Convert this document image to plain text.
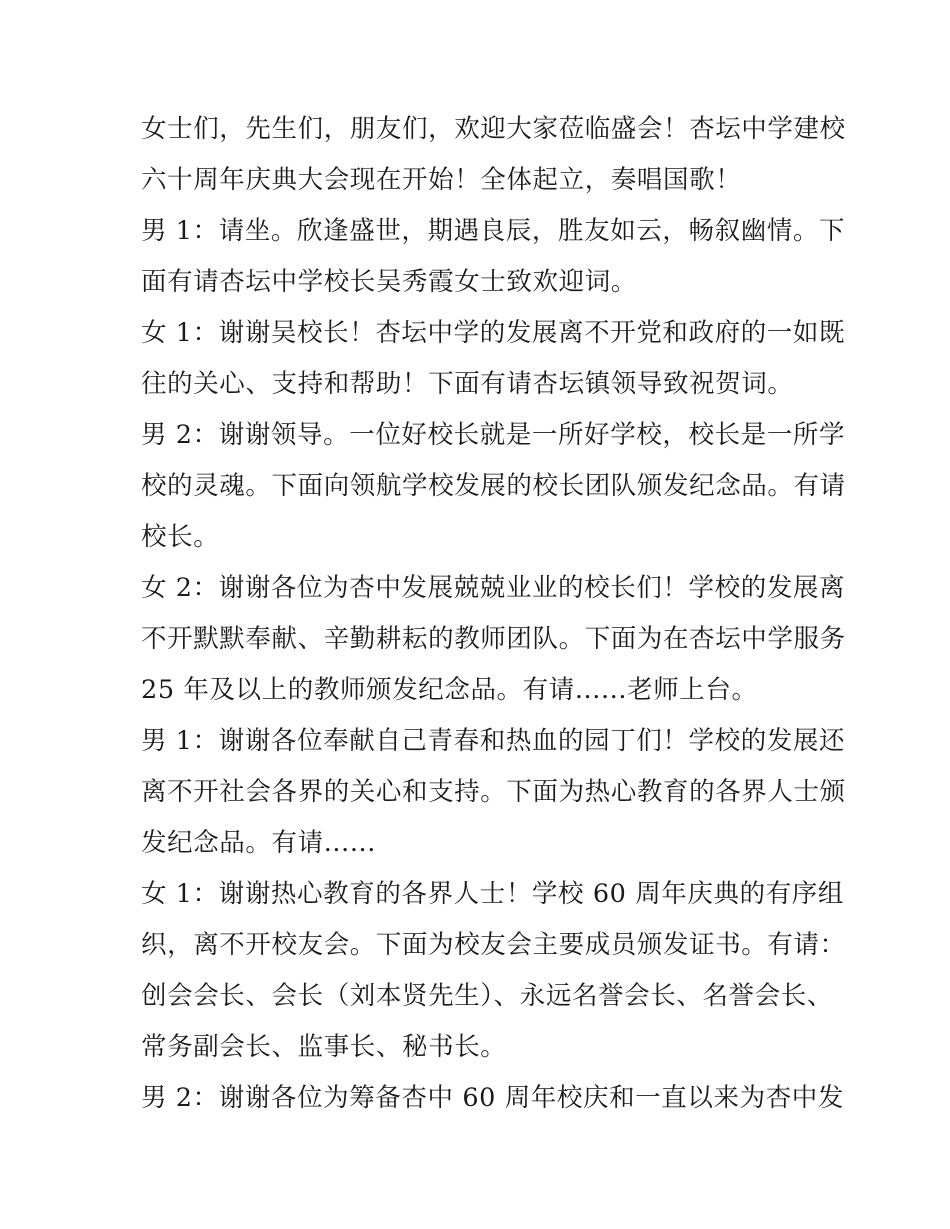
女士们，先生们，朋友们，欢迎大家莅临盛会！杏坛中学建校
六十周年庆典大会现在开始！全体起立，奏唱国歌！
男 1：请坐。欣逢盛世，期遇良辰，胜友如云，畅叙幽情。下
面有请杏坛中学校长吴秀霞女士致欢迎词。
女 1：谢谢吴校长！杏坛中学的发展离不开党和政府的一如既
往的关心、支持和帮助！下面有请杏坛镇领导致祝贺词。
男 2：谢谢领导。一位好校长就是一所好学校，校长是一所学
校的灵魂。下面向领航学校发展的校长团队颁发纪念品。有请
校长。
女 2：谢谢各位为杏中发展兢兢业业的校长们！学校的发展离
不开默默奉献、辛勤耕耘的教师团队。下面为在杏坛中学服务
25 年及以上的教师颁发纪念品。有请......老师上台。
男 1：谢谢各位奉献自己青春和热血的园丁们！学校的发展还
离不开社会各界的关心和支持。下面为热心教育的各界人士颁
发纪念品。有请......
女 1：谢谢热心教育的各界人士！学校 60 周年庆典的有序组
织，离不开校友会。下面为校友会主要成员颁发证书。有请：
创会会长、会长（刘本贤先生）、永远名誉会长、名誉会长、
常务副会长、监事长、秘书长。
男 2：谢谢各位为筹备杏中 60 周年校庆和一直以来为杏中发
